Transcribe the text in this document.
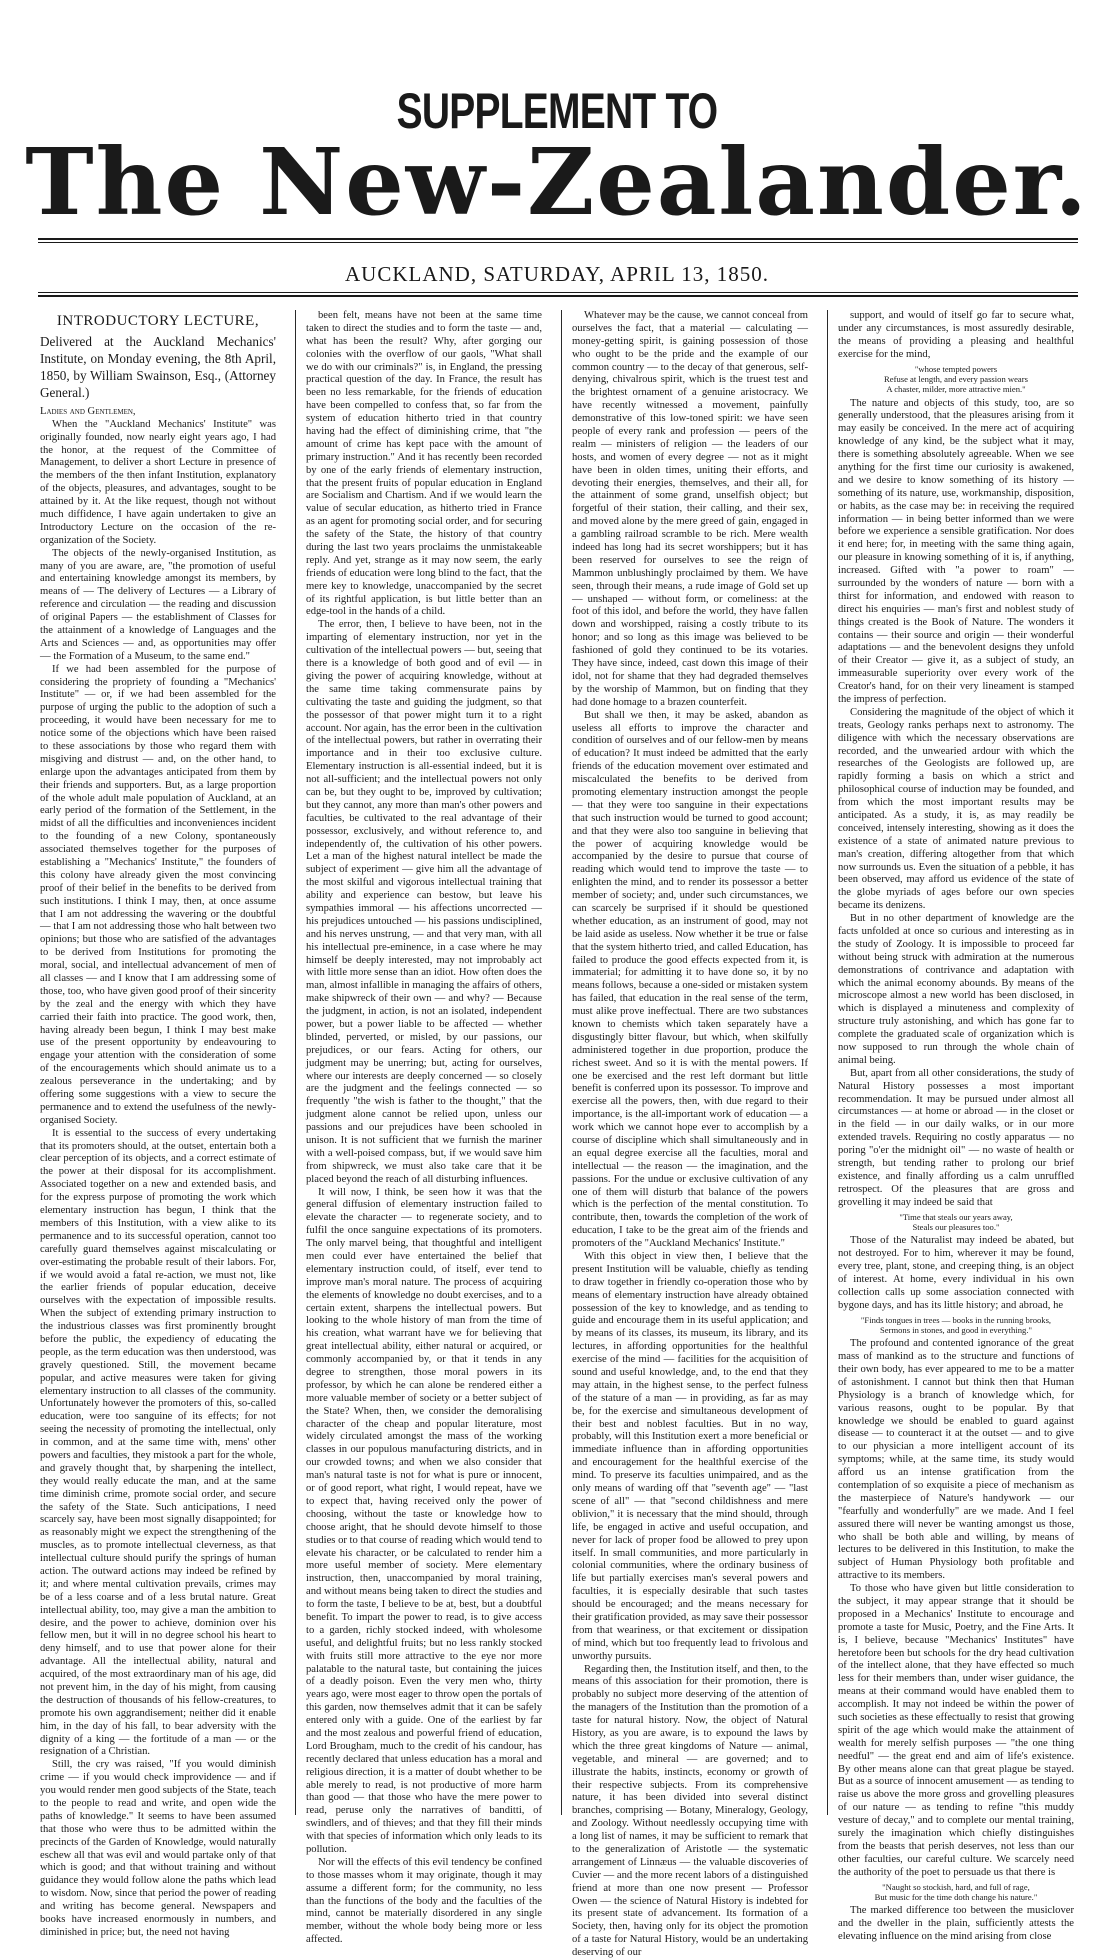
SUPPLEMENT TO
The New-Zealander.
AUCKLAND, SATURDAY, APRIL 13, 1850.
INTRODUCTORY LECTURE,

Delivered at the Auckland Mechanics' Institute, on Monday evening, the 8th April, 1850, by William Swainson, Esq., (Attorney General.)

Ladies and Gentlemen,

When the "Auckland Mechanics' Institute" was originally founded, now nearly eight years ago, I had the honor, at the request of the Committee of Management, to deliver a short Lecture in presence of the members of the then infant Institution, explanatory of the objects, pleasures, and advantages, sought to be attained by it. At the like request, though not without much diffidence, I have again undertaken to give an Introductory Lecture on the occasion of the re-organization of the Society.

The objects of the newly-organised Institution, as many of you are aware, are, "the promotion of useful and entertaining knowledge amongst its members, by means of — The delivery of Lectures — a Library of reference and circulation — the reading and discussion of original Papers — the establishment of Classes for the attainment of a knowledge of Languages and the Arts and Sciences — and, as opportunities may offer — the Formation of a Museum, to the same end."

If we had been assembled for the purpose of considering the propriety of founding a "Mechanics' Institute" — or, if we had been assembled for the purpose of urging the public to the adoption of such a proceeding, it would have been necessary for me to notice some of the objections which have been raised to these associations by those who regard them with misgiving and distrust — and, on the other hand, to enlarge upon the advantages anticipated from them by their friends and supporters. But, as a large proportion of the whole adult male population of Auckland, at an early period of the formation of the Settlement, in the midst of all the difficulties and inconveniences incident to the founding of a new Colony, spontaneously associated themselves together for the purposes of establishing a "Mechanics' Institute," the founders of this colony have already given the most convincing proof of their belief in the benefits to be derived from such institutions. I think I may, then, at once assume that I am not addressing the wavering or the doubtful — that I am not addressing those who halt between two opinions; but those who are satisfied of the advantages to be derived from Institutions for promoting the moral, social, and intellectual advancement of men of all classes — and I know that I am addressing some of those, too, who have given good proof of their sincerity by the zeal and the energy with which they have carried their faith into practice. The good work, then, having already been begun, I think I may best make use of the present opportunity by endeavouring to engage your attention with the consideration of some of the encouragements which should animate us to a zealous perseverance in the undertaking; and by offering some suggestions with a view to secure the permanence and to extend the usefulness of the newly-organised Society.

It is essential to the success of every undertaking that its promoters should, at the outset, entertain both a clear perception of its objects, and a correct estimate of the power at their disposal for its accomplishment. Associated together on a new and extended basis, and for the express purpose of promoting the work which elementary instruction has begun, I think that the members of this Institution, with a view alike to its permanence and to its successful operation, cannot too carefully guard themselves against miscalculating or over-estimating the probable result of their labors. For, if we would avoid a fatal re-action, we must not, like the earlier friends of popular education, deceive ourselves with the expectation of impossible results. When the subject of extending primary instruction to the industrious classes was first prominently brought before the public, the expediency of educating the people, as the term education was then understood, was gravely questioned. Still, the movement became popular, and active measures were taken for giving elementary instruction to all classes of the community. Unfortunately however the promoters of this, so-called education, were too sanguine of its effects; for not seeing the necessity of promoting the intellectual, only in common, and at the same time with, mens' other powers and faculties, they mistook a part for the whole, and gravely thought that, by sharpening the intellect, they would really educate the man, and at the same time diminish crime, promote social order, and secure the safety of the State. Such anticipations, I need scarcely say, have been most signally disappointed; for as reasonably might we expect the strengthening of the muscles, as to promote intellectual cleverness, as that intellectual culture should purify the springs of human action. The outward actions may indeed be refined by it; and where mental cultivation prevails, crimes may be of a less coarse and of a less brutal nature. Great intellectual ability, too, may give a man the ambition to desire, and the power to achieve, dominion over his fellow men, but it will in no degree school his heart to deny himself, and to use that power alone for their advantage. All the intellectual ability, natural and acquired, of the most extraordinary man of his age, did not prevent him, in the day of his might, from causing the destruction of thousands of his fellow-creatures, to promote his own aggrandisement; neither did it enable him, in the day of his fall, to bear adversity with the dignity of a king — the fortitude of a man — or the resignation of a Christian.

Still, the cry was raised, "If you would diminish crime — if you would check improvidence — and if you would render men good subjects of the State, teach to the people to read and write, and open wide the paths of knowledge." It seems to have been assumed that those who were thus to be admitted within the precincts of the Garden of Knowledge, would naturally eschew all that was evil and would partake only of that which is good; and that without training and without guidance they would follow alone the paths which lead to wisdom. Now, since that period the power of reading and writing has become general. Newspapers and books have increased enormously in numbers, and diminished in price; but, the need not having

been felt, means have not been at the same time taken to direct the studies and to form the taste — and, what has been the result? Why, after gorging our colonies with the overflow of our gaols, "What shall we do with our criminals?" is, in England, the pressing practical question of the day. In France, the result has been no less remarkable, for the friends of education have been compelled to confess that, so far from the system of education hitherto tried in that country having had the effect of diminishing crime, that "the amount of crime has kept pace with the amount of primary instruction." And it has recently been recorded by one of the early friends of elementary instruction, that the present fruits of popular education in England are Socialism and Chartism. And if we would learn the value of secular education, as hitherto tried in France as an agent for promoting social order, and for securing the safety of the State, the history of that country during the last two years proclaims the unmistakeable reply. And yet, strange as it may now seem, the early friends of education were long blind to the fact, that the mere key to knowledge, unaccompanied by the secret of its rightful application, is but little better than an edge-tool in the hands of a child.

The error, then, I believe to have been, not in the imparting of elementary instruction, nor yet in the cultivation of the intellectual powers — but, seeing that there is a knowledge of both good and of evil — in giving the power of acquiring knowledge, without at the same time taking commensurate pains by cultivating the taste and guiding the judgment, so that the possessor of that power might turn it to a right account. Nor again, has the error been in the cultivation of the intellectual powers, but rather in overrating their importance and in their too exclusive culture. Elementary instruction is all-essential indeed, but it is not all-sufficient; and the intellectual powers not only can be, but they ought to be, improved by cultivation; but they cannot, any more than man's other powers and faculties, be cultivated to the real advantage of their possessor, exclusively, and without reference to, and independently of, the cultivation of his other powers. Let a man of the highest natural intellect be made the subject of experiment — give him all the advantage of the most skilful and vigorous intellectual training that ability and experience can bestow, but leave his sympathies immoral — his affections uncorrected — his prejudices untouched — his passions undisciplined, and his nerves unstrung, — and that very man, with all his intellectual pre-eminence, in a case where he may himself be deeply interested, may not improbably act with little more sense than an idiot. How often does the man, almost infallible in managing the affairs of others, make shipwreck of their own — and why? — Because the judgment, in action, is not an isolated, independent power, but a power liable to be affected — whether blinded, perverted, or misled, by our passions, our prejudices, or our fears. Acting for others, our judgment may be unerring; but, acting for ourselves, where our interests are deeply concerned — so closely are the judgment and the feelings connected — so frequently "the wish is father to the thought," that the judgment alone cannot be relied upon, unless our passions and our prejudices have been schooled in unison. It is not sufficient that we furnish the mariner with a well-poised compass, but, if we would save him from shipwreck, we must also take care that it be placed beyond the reach of all disturbing influences.

It will now, I think, be seen how it was that the general diffusion of elementary instruction failed to elevate the character — to regenerate society, and to fulfil the once sanguine expectations of its promoters. The only marvel being, that thoughtful and intelligent men could ever have entertained the belief that elementary instruction could, of itself, ever tend to improve man's moral nature. The process of acquiring the elements of knowledge no doubt exercises, and to a certain extent, sharpens the intellectual powers. But looking to the whole history of man from the time of his creation, what warrant have we for believing that great intellectual ability, either natural or acquired, or commonly accompanied by, or that it tends in any degree to strengthen, those moral powers in its professor, by which he can alone be rendered either a more valuable member of society or a better subject of the State? When, then, we consider the demoralising character of the cheap and popular literature, most widely circulated amongst the mass of the working classes in our populous manufacturing districts, and in our crowded towns; and when we also consider that man's natural taste is not for what is pure or innocent, or of good report, what right, I would repeat, have we to expect that, having received only the power of choosing, without the taste or knowledge how to choose aright, that he should devote himself to those studies or to that course of reading which would tend to elevate his character, or be calculated to render him a more useful member of society. Mere elementary instruction, then, unaccompanied by moral training, and without means being taken to direct the studies and to form the taste, I believe to be at, best, but a doubtful benefit. To impart the power to read, is to give access to a garden, richly stocked indeed, with wholesome useful, and delightful fruits; but no less rankly stocked with fruits still more attractive to the eye nor more palatable to the natural taste, but containing the juices of a deadly poison. Even the very men who, thirty years ago, were most eager to throw open the portals of this garden, now themselves admit that it can be safely entered only with a guide. One of the earliest by far and the most zealous and powerful friend of education, Lord Brougham, much to the credit of his candour, has recently declared that unless education has a moral and religious direction, it is a matter of doubt whether to be able merely to read, is not productive of more harm than good — that those who have the mere power to read, peruse only the narratives of banditti, of swindlers, and of thieves; and that they fill their minds with that species of information which only leads to its pollution.

Nor will the effects of this evil tendency be confined to those masses whom it may originate, though it may assume a different form; for the community, no less than the functions of the body and the faculties of the mind, cannot be materially disordered in any single member, without the whole body being more or less affected.

Whatever may be the cause, we cannot conceal from ourselves the fact, that a material — calculating — money-getting spirit, is gaining possession of those who ought to be the pride and the example of our common country — to the decay of that generous, self-denying, chivalrous spirit, which is the truest test and the brightest ornament of a genuine aristocracy. We have recently witnessed a movement, painfully demonstrative of this low-toned spirit: we have seen people of every rank and profession — peers of the realm — ministers of religion — the leaders of our hosts, and women of every degree — not as it might have been in olden times, uniting their efforts, and devoting their energies, themselves, and their all, for the attainment of some grand, unselfish object; but forgetful of their station, their calling, and their sex, and moved alone by the mere greed of gain, engaged in a gambling railroad scramble to be rich. Mere wealth indeed has long had its secret worshippers; but it has been reserved for ourselves to see the reign of Mammon unblushingly proclaimed by them. We have seen, through their means, a rude image of Gold set up — unshaped — without form, or comeliness: at the foot of this idol, and before the world, they have fallen down and worshipped, raising a costly tribute to its honor; and so long as this image was believed to be fashioned of gold they continued to be its votaries. They have since, indeed, cast down this image of their idol, not for shame that they had degraded themselves by the worship of Mammon, but on finding that they had done homage to a brazen counterfeit.

But shall we then, it may be asked, abandon as useless all efforts to improve the character and condition of ourselves and of our fellow-men by means of education? It must indeed be admitted that the early friends of the education movement over estimated and miscalculated the benefits to be derived from promoting elementary instruction amongst the people — that they were too sanguine in their expectations that such instruction would be turned to good account; and that they were also too sanguine in believing that the power of acquiring knowledge would be accompanied by the desire to pursue that course of reading which would tend to improve the taste — to enlighten the mind, and to render its possessor a better member of society; and, under such circumstances, we can scarcely be surprised if it should be questioned whether education, as an instrument of good, may not be laid aside as useless. Now whether it be true or false that the system hitherto tried, and called Education, has failed to produce the good effects expected from it, is immaterial; for admitting it to have done so, it by no means follows, because a one-sided or mistaken system has failed, that education in the real sense of the term, must alike prove ineffectual. There are two substances known to chemists which taken separately have a disgustingly bitter flavour, but which, when skilfully administered together in due proportion, produce the richest sweet. And so it is with the mental powers. If one be exercised and the rest left dormant but little benefit is conferred upon its possessor. To improve and exercise all the powers, then, with due regard to their importance, is the all-important work of education — a work which we cannot hope ever to accomplish by a course of discipline which shall simultaneously and in an equal degree exercise all the faculties, moral and intellectual — the reason — the imagination, and the passions. For the undue or exclusive cultivation of any one of them will disturb that balance of the powers which is the perfection of the mental constitution. To contribute, then, towards the completion of the work of education, I take to be the great aim of the friends and promoters of the "Auckland Mechanics' Institute."

With this object in view then, I believe that the present Institution will be valuable, chiefly as tending to draw together in friendly co-operation those who by means of elementary instruction have already obtained possession of the key to knowledge, and as tending to guide and encourage them in its useful application; and by means of its classes, its museum, its library, and its lectures, in affording opportunities for the healthful exercise of the mind — facilities for the acquisition of sound and useful knowledge, and, to the end that they may attain, in the highest sense, to the perfect fulness of the stature of a man — in providing, as far as may be, for the exercise and simultaneous development of their best and noblest faculties. But in no way, probably, will this Institution exert a more beneficial or immediate influence than in affording opportunities and encouragement for the healthful exercise of the mind. To preserve its faculties unimpaired, and as the only means of warding off that "seventh age" — "last scene of all" — that "second childishness and mere oblivion," it is necessary that the mind should, through life, be engaged in active and useful occupation, and never for lack of proper food be allowed to prey upon itself. In small communities, and more particularly in colonial communities, where the ordinary business of life but partially exercises man's several powers and faculties, it is especially desirable that such tastes should be encouraged; and the means necessary for their gratification provided, as may save their possessor from that weariness, or that excitement or dissipation of mind, which but too frequently lead to frivolous and unworthy pursuits.

Regarding then, the Institution itself, and then, to the means of this association for their promotion, there is probably no subject more deserving of the attention of the managers of the Institution than the promotion of a taste for natural history. Now, the object of Natural History, as you are aware, is to expound the laws by which the three great kingdoms of Nature — animal, vegetable, and mineral — are governed; and to illustrate the habits, instincts, economy or growth of their respective subjects. From its comprehensive nature, it has been divided into several distinct branches, comprising — Botany, Mineralogy, Geology, and Zoology. Without needlessly occupying time with a long list of names, it may be sufficient to remark that to the generalization of Aristotle — the systematic arrangement of Linnæus — the valuable discoveries of Cuvier — and the more recent labors of a distinguished friend at more than one now present — Professor Owen — the science of Natural History is indebted for its present state of advancement. Its formation of a Society, then, having only for its object the promotion of a taste for Natural History, would be an undertaking deserving of our

support, and would of itself go far to secure what, under any circumstances, is most assuredly desirable, the means of providing a pleasing and healthful exercise for the mind,

"whose tempted powers
Refuse at length, and every passion wears
A chaster, milder, more attractive mien."

The nature and objects of this study, too, are so generally understood, that the pleasures arising from it may easily be conceived. In the mere act of acquiring knowledge of any kind, be the subject what it may, there is something absolutely agreeable. When we see anything for the first time our curiosity is awakened, and we desire to know something of its history — something of its nature, use, workmanship, disposition, or habits, as the case may be: in receiving the required information — in being better informed than we were before we experience a sensible gratification. Nor does it end here; for, in meeting with the same thing again, our pleasure in knowing something of it is, if anything, increased. Gifted with "a power to roam" — surrounded by the wonders of nature — born with a thirst for information, and endowed with reason to direct his enquiries — man's first and noblest study of things created is the Book of Nature. The wonders it contains — their source and origin — their wonderful adaptations — and the benevolent designs they unfold of their Creator — give it, as a subject of study, an immeasurable superiority over every work of the Creator's hand, for on their very lineament is stamped the impress of perfection.

Considering the magnitude of the object of which it treats, Geology ranks perhaps next to astronomy. The diligence with which the necessary observations are recorded, and the unwearied ardour with which the researches of the Geologists are followed up, are rapidly forming a basis on which a strict and philosophical course of induction may be founded, and from which the most important results may be anticipated. As a study, it is, as may readily be conceived, intensely interesting, showing as it does the existence of a state of animated nature previous to man's creation, differing altogether from that which now surrounds us. Even the situation of a pebble, it has been observed, may afford us evidence of the state of the globe myriads of ages before our own species became its denizens.

But in no other department of knowledge are the facts unfolded at once so curious and interesting as in the study of Zoology. It is impossible to proceed far without being struck with admiration at the numerous demonstrations of contrivance and adaptation with which the animal economy abounds. By means of the microscope almost a new world has been disclosed, in which is displayed a minuteness and complexity of structure truly astonishing, and which has gone far to complete the graduated scale of organization which is now supposed to run through the whole chain of animal being.

But, apart from all other considerations, the study of Natural History possesses a most important recommendation. It may be pursued under almost all circumstances — at home or abroad — in the closet or in the field — in our daily walks, or in our more extended travels. Requiring no costly apparatus — no poring "o'er the midnight oil" — no waste of health or strength, but tending rather to prolong our brief existence, and finally affording us a calm unruffled retrospect. Of the pleasures that are gross and grovelling it may indeed be said that

"Time that steals our years away,
Steals our pleasures too."

Those of the Naturalist may indeed be abated, but not destroyed. For to him, wherever it may be found, every tree, plant, stone, and creeping thing, is an object of interest. At home, every individual in his own collection calls up some association connected with bygone days, and has its little history; and abroad, he

"Finds tongues in trees — books in the running brooks,
Sermons in stones, and good in everything."

The profound and contented ignorance of the great mass of mankind as to the structure and functions of their own body, has ever appeared to me to be a matter of astonishment. I cannot but think then that Human Physiology is a branch of knowledge which, for various reasons, ought to be popular. By that knowledge we should be enabled to guard against disease — to counteract it at the outset — and to give to our physician a more intelligent account of its symptoms; while, at the same time, its study would afford us an intense gratification from the contemplation of so exquisite a piece of mechanism as the masterpiece of Nature's handywork — our "fearfully and wonderfully" are we made. And I feel assured there will never be wanting amongst us those, who shall be both able and willing, by means of lectures to be delivered in this Institution, to make the subject of Human Physiology both profitable and attractive to its members.

To those who have given but little consideration to the subject, it may appear strange that it should be proposed in a Mechanics' Institute to encourage and promote a taste for Music, Poetry, and the Fine Arts. It is, I believe, because "Mechanics' Institutes" have heretofore been but schools for the dry head cultivation of the intellect alone, that they have effected so much less for their members than, under wiser guidance, the means at their command would have enabled them to accomplish. It may not indeed be within the power of such societies as these effectually to resist that growing spirit of the age which would make the attainment of wealth for merely selfish purposes — "the one thing needful" — the great end and aim of life's existence. By other means alone can that great plague be stayed. But as a source of innocent amusement — as tending to raise us above the more gross and grovelling pleasures of our nature — as tending to refine "this muddy vesture of decay," and to complete our mental training, surely the imagination which chiefly distinguishes from the beasts that perish deserves, not less than our other faculties, our careful culture. We scarcely need the authority of the poet to persuade us that there is

"Naught so stockish, hard, and full of rage,
But music for the time doth change his nature."

The marked difference too between the musiclover and the dweller in the plain, sufficiently attests the elevating influence on the mind arising from close
